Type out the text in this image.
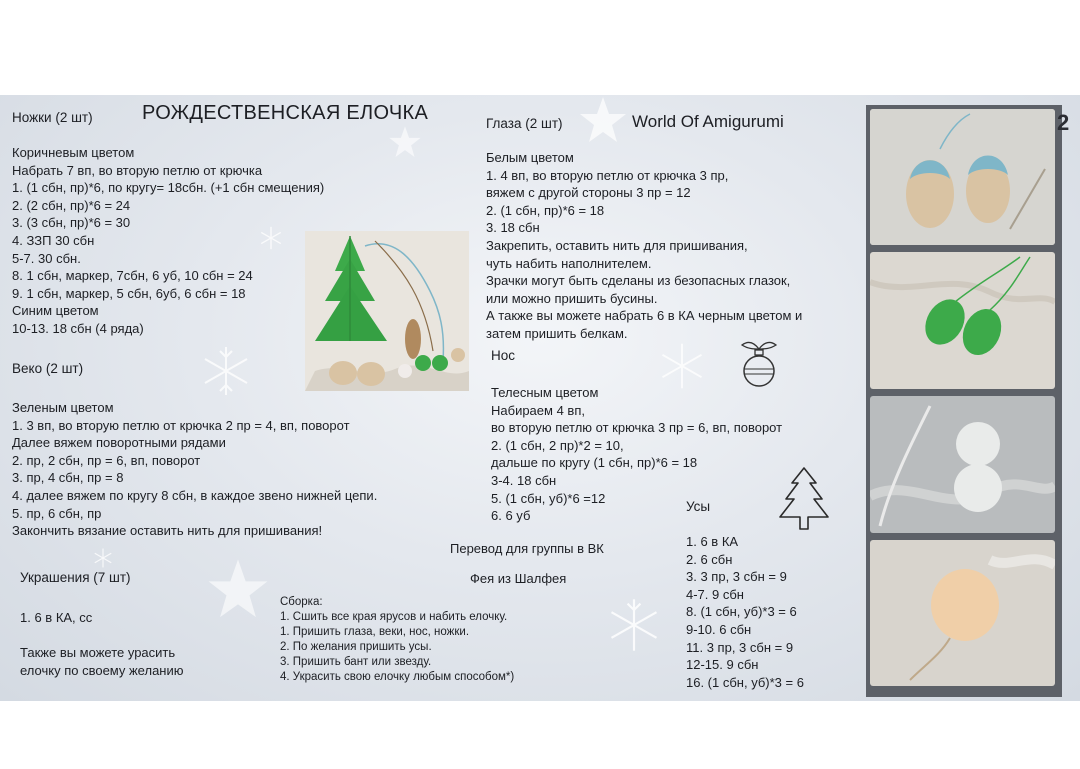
Ножки (2 шт) РОЖДЕСТВЕНСКАЯ ЕЛОЧКА	Глаза (2 шт)	World Of Amigurumi
Коричневым цветом
Набрать 7 вп, во вторую петлю от крючка
1. (1 сбн, пр)*6, по кругу= 18сбн. (+1 сбн смещения)
2. (2 сбн, пр)*6 = 24
3. (3 сбн, пр)*6 = 30
4. ЗЗП 30 сбн
5-7. 30 сбн.
8. 1 сбн, маркер, 7сбн, 6 уб, 10 сбн = 24
9. 1 сбн, маркер, 5 сбн, 6уб, 6 сбн = 18
Синим цветом
10-13. 18 сбн (4 ряда)
Веко (2 шт)
Зеленым цветом
1. 3 вп, во вторую петлю от крючка 2 пр = 4, вп, поворот
Далее вяжем поворотными рядами
2. пр, 2 сбн, пр = 6, вп, поворот
3. пр, 4 сбн, пр = 8
4. далее вяжем по кругу 8 сбн, в каждое звено нижней цепи.
5. пр, 6 сбн, пр
Закончить вязание оставить нить для пришивания!
Украшения (7 шт)
1. 6 в КА, сс
Также вы можете урасить
елочку по своему желанию
Белым цветом
1. 4 вп, во вторую петлю от крючка 3 пр,
вяжем с другой стороны 3 пр = 12
2. (1 сбн, пр)*6 = 18
3. 18 сбн
Закрепить, оставить нить для пришивания,
чуть набить наполнителем.
Зрачки могут быть сделаны из безопасных глазок,
или можно пришить бусины.
А также вы можете набрать 6 в КА черным цветом и
затем пришить белкам.
Нос
Телесным цветом
Набираем 4 вп,
во вторую петлю от крючка 3 пр = 6, вп, поворот
2. (1 сбн, 2 пр)*2 = 10,
дальше по кругу (1 сбн, пр)*6 = 18
3-4. 18 сбн
5. (1 сбн, уб)*6 =12
6. 6 уб
Перевод для группы в ВК
Фея из Шалфея
Сборка:
1. Сшить все края ярусов и набить елочку.
1. Пришить глаза, веки, нос, ножки.
2. По желания пришить усы.
3. Пришить бант или звезду.
4. Украсить свою елочку любым способом*)
Усы
1. 6 в КА
2. 6 сбн
3. 3 пр, 3 сбн = 9
4-7. 9 сбн
8. (1 сбн, уб)*3 = 6
9-10. 6 сбн
11. 3 пр, 3 сбн = 9
12-15. 9 сбн
16. (1 сбн, уб)*3 = 6
2
